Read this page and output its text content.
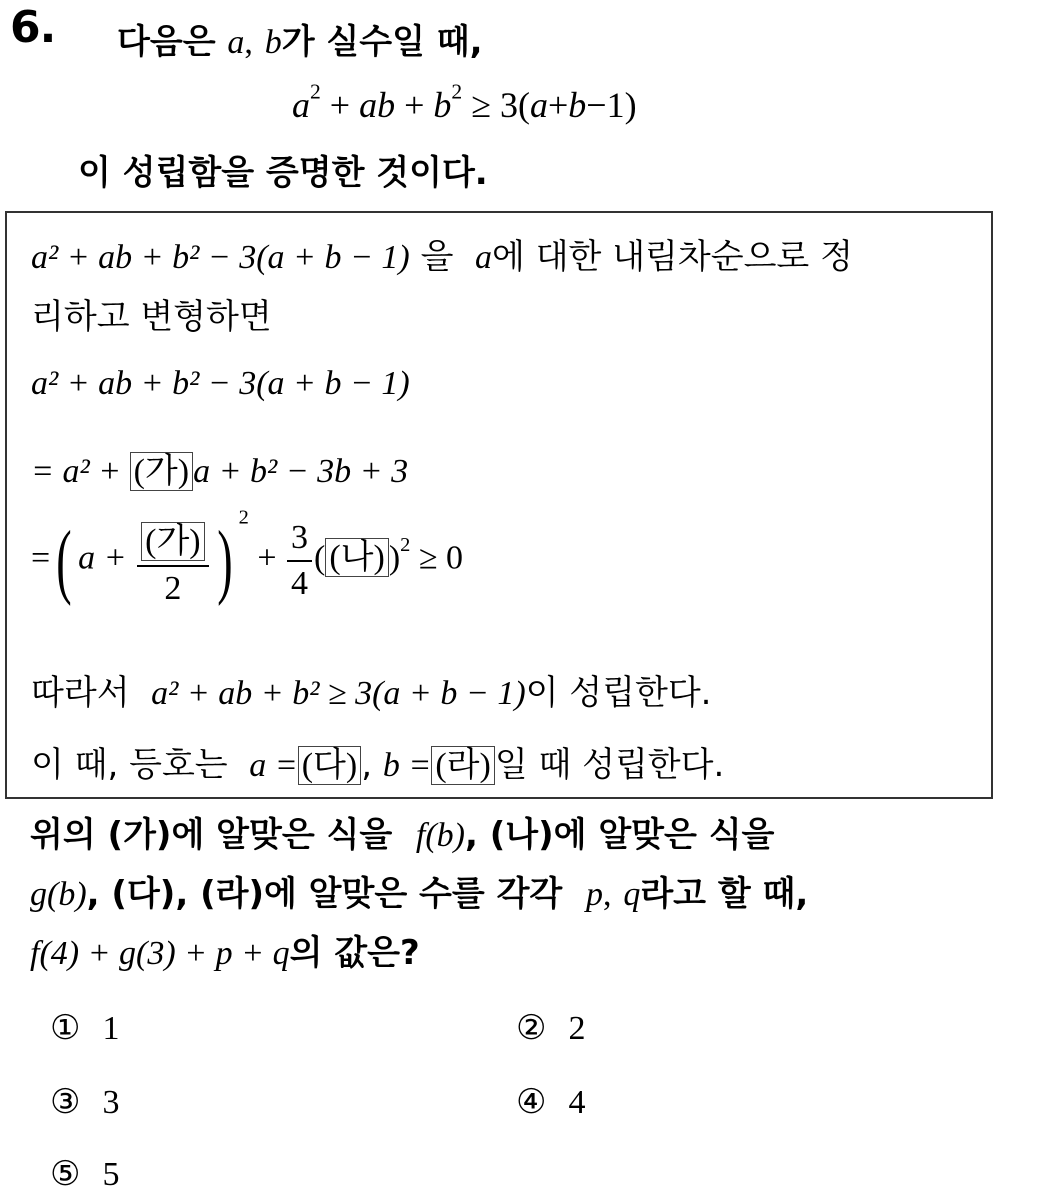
6. 다음은 a, b가 실수일 때,
$a^2$ + ab + $b^2 \ge 3(a+b-1)$
이 성립함을 증명한 것이다.
a² + ab + b² − 3(a + b − 1) 을 a에 대한 내림차순으로 정
리하고 변형하면
a² + ab + b² − 3(a + b − 1)
= a² + (가) a + b² − 3b + 3
=( $a + \frac{\text{(가)}}{2}$ ) $^2 + \frac{3}{4}$ ( (나) )$^2$ ≥ 0
따라서 a² + ab + b² ≥ 3(a + b − 1)이 성립한다.
이 때, 등호는 a = (다) , b = (라) 일 때 성립한다.
위의 (가)에 알맞은 식을 f(b), (나)에 알맞은 식을
g(b), (다), (라)에 알맞은 수를 각각 p, q라고 할 때,
f(4) + g(3) + p + q의 값은?
① 1	② 2
③ 3	④ 4
⑤ 5
